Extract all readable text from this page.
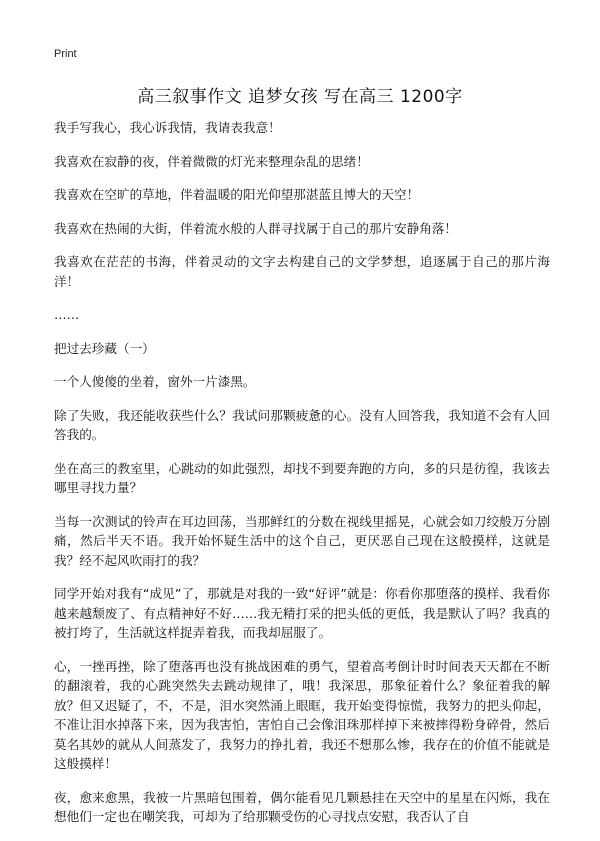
Print
高三叙事作文 追梦女孩 写在高三 1200字

我手写我心，我心诉我情，我请表我意！

我喜欢在寂静的夜，伴着微微的灯光来整理杂乱的思绪！

我喜欢在空旷的草地，伴着温暖的阳光仰望那湛蓝且博大的天空！

我喜欢在热闹的大街，伴着流水般的人群寻找属于自己的那片安静角落！

我喜欢在茫茫的书海，伴着灵动的文字去构建自己的文学梦想，追逐属于自己的那片海洋！

……

把过去珍藏（一）

一个人傻傻的坐着，窗外一片漆黑。

除了失败，我还能收获些什么？我试问那颗疲惫的心。没有人回答我，我知道不会有人回答我的。

坐在高三的教室里，心跳动的如此强烈，却找不到要奔跑的方向，多的只是彷徨，我该去哪里寻找力量？

当每一次测试的铃声在耳边回荡，当那鲜红的分数在视线里摇晃，心就会如刀绞般万分剧痛，然后半天不语。我开始怀疑生活中的这个自己，更厌恶自己现在这般摸样，这就是我？经不起风吹雨打的我？

同学开始对我有“成见”了，那就是对我的一致“好评”就是：你看你那堕落的摸样、我看你越来越颓废了、有点精神好不好……我无精打采的把头低的更低，我是默认了吗？我真的被打垮了，生活就这样捉弄着我，而我却屈服了。

心，一挫再挫，除了堕落再也没有挑战困难的勇气，望着高考倒计时时间表天天都在不断的翻滚着，我的心跳突然失去跳动规律了，哦！我深思，那象征着什么？象征着我的解放？但又迟疑了，不，不是，泪水突然涌上眼眶，我开始变得惊慌，我努力的把头仰起，不准让泪水掉落下来，因为我害怕，害怕自己会像泪珠那样掉下来被摔得粉身碎骨，然后莫名其妙的就从人间蒸发了，我努力的挣扎着，我还不想那么惨，我存在的价值不能就是这般摸样！

夜，愈来愈黑，我被一片黑暗包围着，偶尔能看见几颗悬挂在天空中的星星在闪烁，我在想他们一定也在嘲笑我，可却为了给那颗受伤的心寻找点安慰，我否认了自
